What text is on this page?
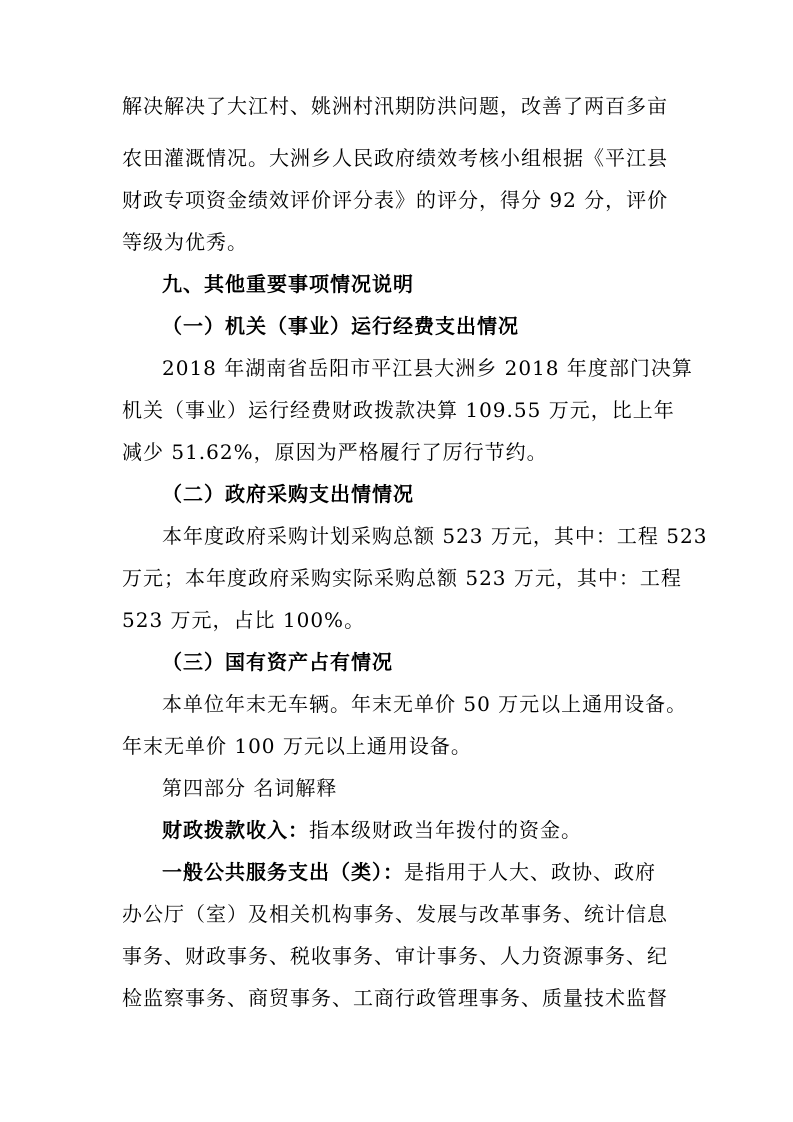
解决解决了大江村、姚洲村汛期防洪问题，改善了两百多亩

农田灌溉情况。大洲乡人民政府绩效考核小组根据《平江县

财政专项资金绩效评价评分表》的评分，得分 92 分，评价

等级为优秀。

九、其他重要事项情况说明

（一）机关（事业）运行经费支出情况

2018 年湖南省岳阳市平江县大洲乡 2018 年度部门决算

机关（事业）运行经费财政拨款决算 109.55 万元，比上年

减少 51.62%，原因为严格履行了厉行节约。

（二）政府采购支出情情况

本年度政府采购计划采购总额 523 万元，其中：工程 523

万元；本年度政府采购实际采购总额 523 万元，其中：工程

523 万元，占比 100%。

（三）国有资产占有情况

本单位年末无车辆。年末无单价 50 万元以上通用设备。

年末无单价 100 万元以上通用设备。

第四部分 名词解释

财政拨款收入：指本级财政当年拨付的资金。

一般公共服务支出（类）：是指用于人大、政协、政府

办公厅（室）及相关机构事务、发展与改革事务、统计信息

事务、财政事务、税收事务、审计事务、人力资源事务、纪

检监察事务、商贸事务、工商行政管理事务、质量技术监督
